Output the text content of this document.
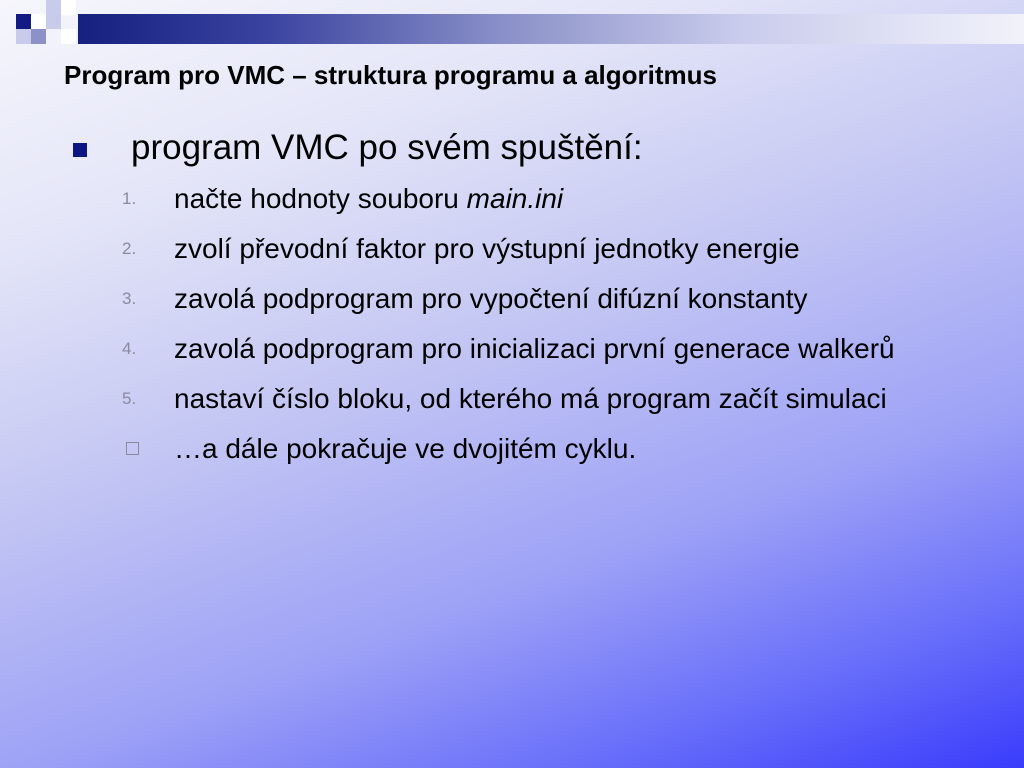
Program pro VMC – struktura programu a algoritmus
program VMC po svém spuštění:
1.	načte hodnoty souboru main.ini
2.	zvolí převodní faktor pro výstupní jednotky energie
3.	zavolá podprogram pro vypočtení difúzní konstanty
4.	zavolá podprogram pro inicializaci první generace walkerů
5.	nastaví číslo bloku, od kterého má program začít simulaci
…a dále pokračuje ve dvojitém cyklu.
